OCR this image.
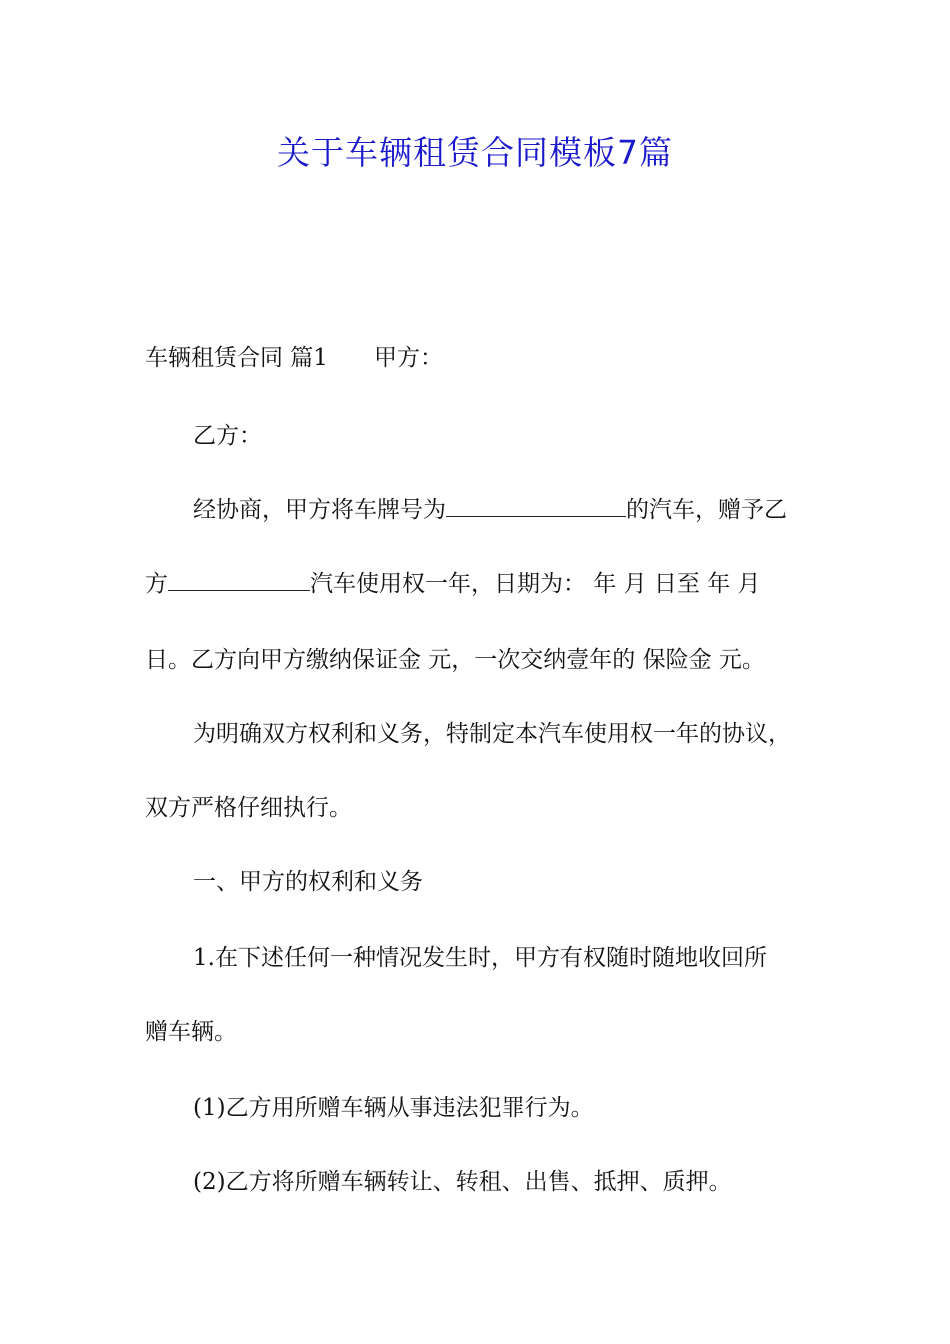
关于车辆租赁合同模板7篇
车辆租赁合同 篇1 甲方：
乙方：
经协商，甲方将车牌号为	的汽车，赠予乙
方	汽车使用权一年，日期为： 年 月 日至 年 月
日。乙方向甲方缴纳保证金 元，一次交纳壹年的 保险金 元。
为明确双方权利和义务，特制定本汽车使用权一年的协议，
双方严格仔细执行。
一、甲方的权利和义务
1.在下述任何一种情况发生时，甲方有权随时随地收回所
赠车辆。
(1)乙方用所赠车辆从事违法犯罪行为。
(2)乙方将所赠车辆转让、转租、出售、抵押、质押。
